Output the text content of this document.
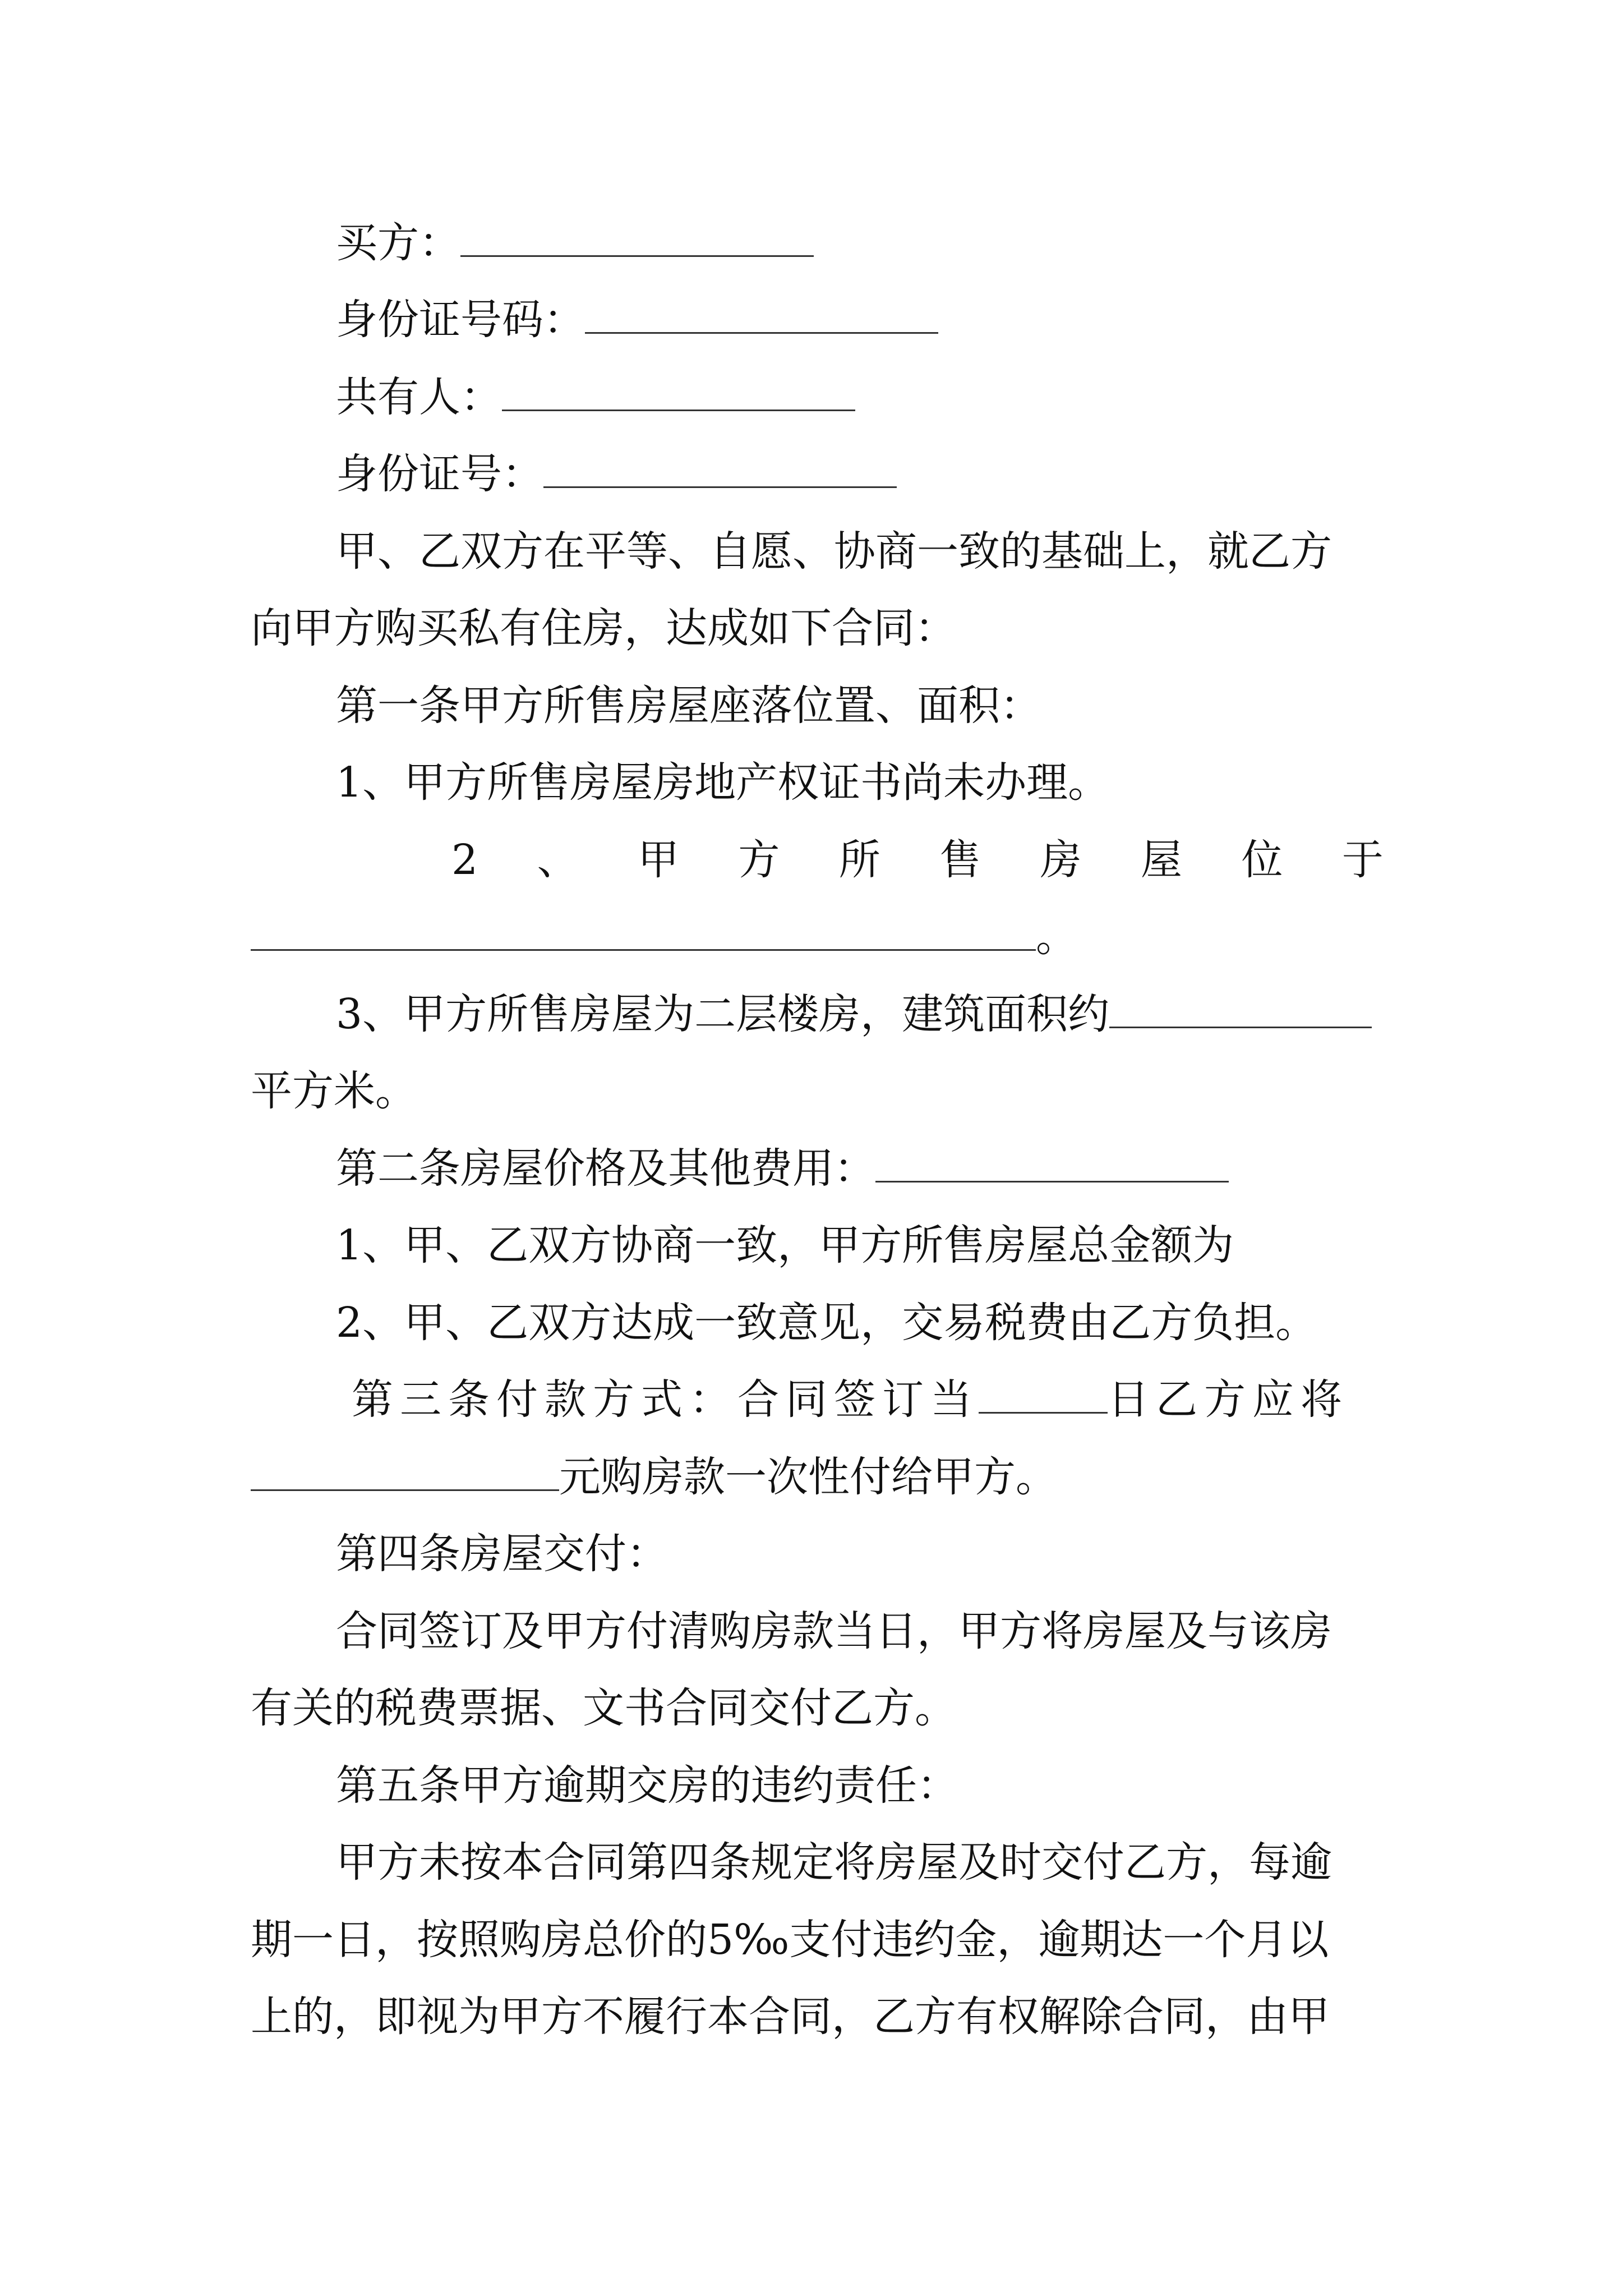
买方：
身份证号码：
共有人：
身份证号：
甲、乙双方在平等、自愿、协商一致的基础上，就乙方
向甲方购买私有住房，达成如下合同：
第一条甲方所售房屋座落位置、面积：
1、甲方所售房屋房地产权证书尚未办理。
2 、 甲 方 所 售 房 屋 位 于
。
3、甲方所售房屋为二层楼房，建筑面积约
平方米。
第二条房屋价格及其他费用：
1、甲、乙双方协商一致，甲方所售房屋总金额为
2、甲、乙双方达成一致意见，交易税费由乙方负担。
第三条付款方式：合同签订当	日乙方应将
元购房款一次性付给甲方。
第四条房屋交付：
合同签订及甲方付清购房款当日，甲方将房屋及与该房
有关的税费票据、文书合同交付乙方。
第五条甲方逾期交房的违约责任：
甲方未按本合同第四条规定将房屋及时交付乙方，每逾
期一日，按照购房总价的5‰支付违约金，逾期达一个月以
上的，即视为甲方不履行本合同，乙方有权解除合同，由甲
